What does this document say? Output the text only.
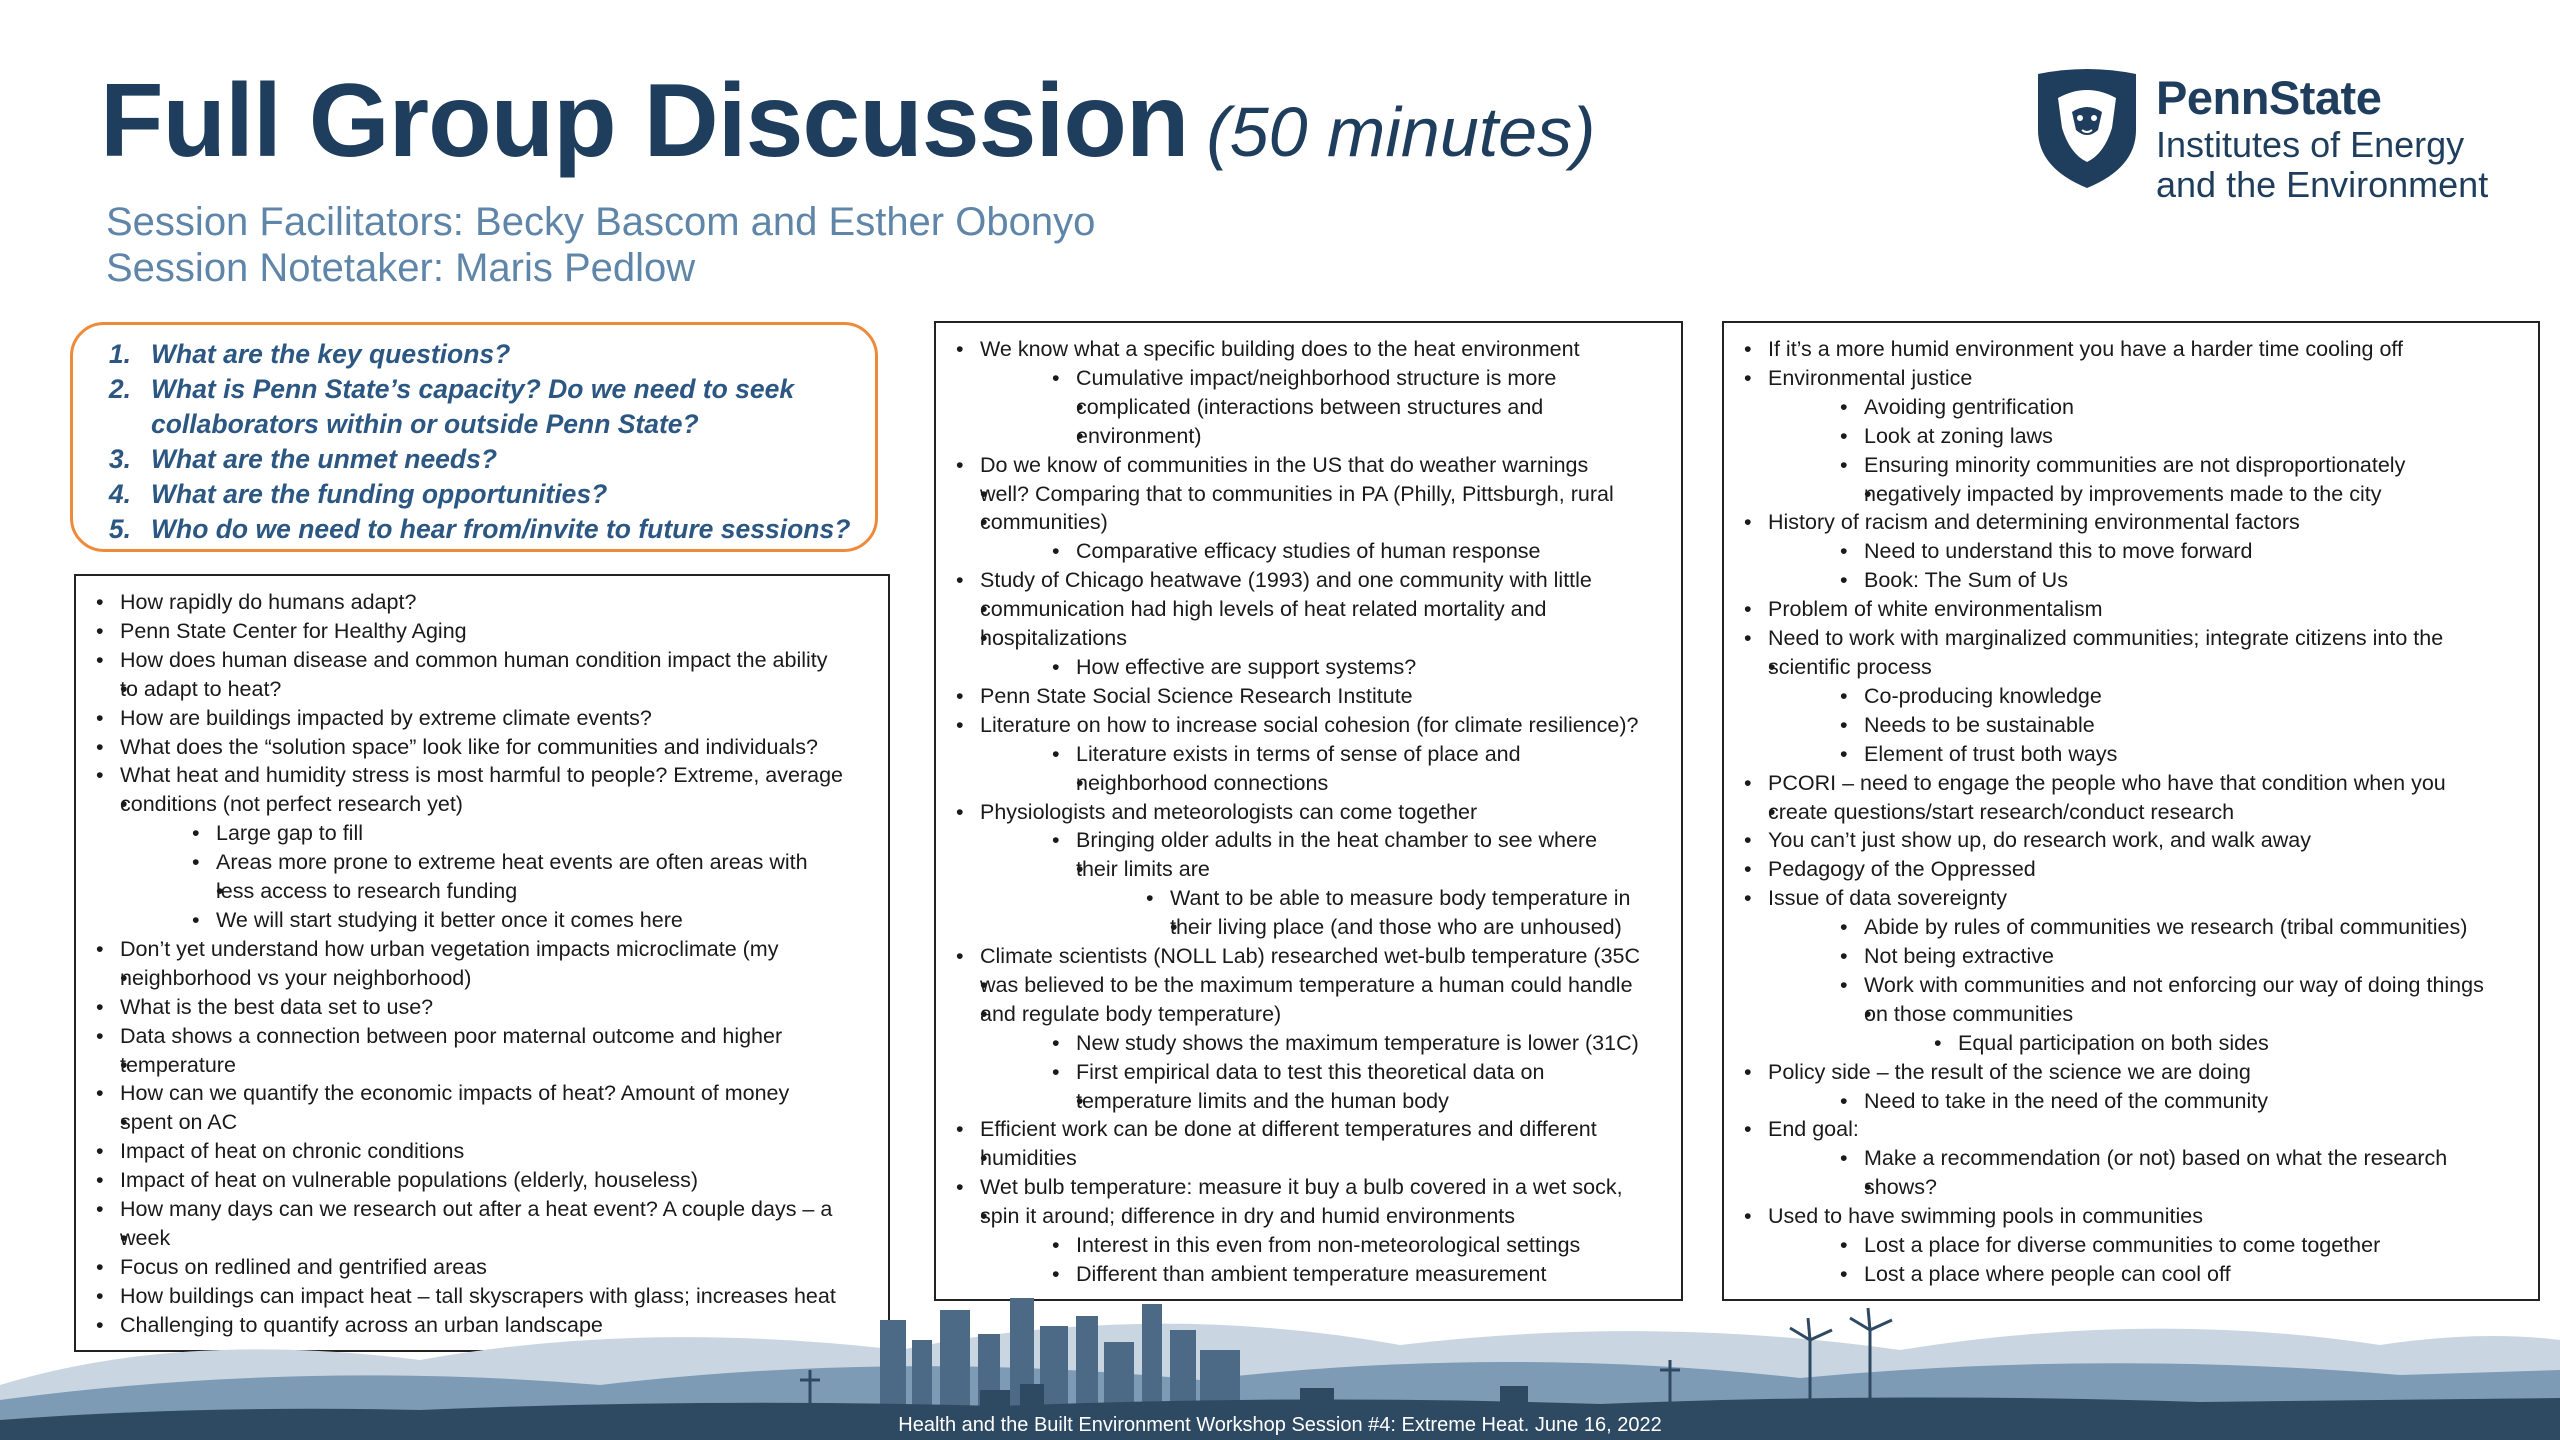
Full Group Discussion (50 minutes)
Session Facilitators: Becky Bascom and Esther Obonyo
Session Notetaker: Maris Pedlow
PennState
Institutes of Energy
and the Environment
1. What are the key questions?
2. What is Penn State’s capacity? Do we need to seek
collaborators within or outside Penn State?
3. What are the unmet needs?
4. What are the funding opportunities?
5. Who do we need to hear from/invite to future sessions?
• How rapidly do humans adapt?
• Penn State Center for Healthy Aging
• How does human disease and common human condition impact the ability
• to adapt to heat?
• How are buildings impacted by extreme climate events?
• What does the “solution space” look like for communities and individuals?
• What heat and humidity stress is most harmful to people? Extreme, average
• conditions (not perfect research yet)
• Large gap to fill
• Areas more prone to extreme heat events are often areas with
• less access to research funding
• We will start studying it better once it comes here
• Don’t yet understand how urban vegetation impacts microclimate (my
• neighborhood vs your neighborhood)
• What is the best data set to use?
• Data shows a connection between poor maternal outcome and higher
• temperature
• How can we quantify the economic impacts of heat? Amount of money
• spent on AC
• Impact of heat on chronic conditions
• Impact of heat on vulnerable populations (elderly, houseless)
• How many days can we research out after a heat event? A couple days – a
• week
• Focus on redlined and gentrified areas
• How buildings can impact heat – tall skyscrapers with glass; increases heat
• Challenging to quantify across an urban landscape
• We know what a specific building does to the heat environment
• Cumulative impact/neighborhood structure is more
• complicated (interactions between structures and
• environment)
• Do we know of communities in the US that do weather warnings
• well? Comparing that to communities in PA (Philly, Pittsburgh, rural
• communities)
• Comparative efficacy studies of human response
• Study of Chicago heatwave (1993) and one community with little
• communication had high levels of heat related mortality and
• hospitalizations
• How effective are support systems?
• Penn State Social Science Research Institute
• Literature on how to increase social cohesion (for climate resilience)?
• Literature exists in terms of sense of place and
• neighborhood connections
• Physiologists and meteorologists can come together
• Bringing older adults in the heat chamber to see where
• their limits are
• Want to be able to measure body temperature in
• their living place (and those who are unhoused)
• Climate scientists (NOLL Lab) researched wet-bulb temperature (35C
• was believed to be the maximum temperature a human could handle
• and regulate body temperature)
• New study shows the maximum temperature is lower (31C)
• First empirical data to test this theoretical data on
• temperature limits and the human body
• Efficient work can be done at different temperatures and different
• humidities
• Wet bulb temperature: measure it buy a bulb covered in a wet sock,
• spin it around; difference in dry and humid environments
• Interest in this even from non-meteorological settings
• Different than ambient temperature measurement
• If it’s a more humid environment you have a harder time cooling off
• Environmental justice
• Avoiding gentrification
• Look at zoning laws
• Ensuring minority communities are not disproportionately
• negatively impacted by improvements made to the city
• History of racism and determining environmental factors
• Need to understand this to move forward
• Book: The Sum of Us
• Problem of white environmentalism
• Need to work with marginalized communities; integrate citizens into the
• scientific process
• Co-producing knowledge
• Needs to be sustainable
• Element of trust both ways
• PCORI – need to engage the people who have that condition when you
• create questions/start research/conduct research
• You can’t just show up, do research work, and walk away
• Pedagogy of the Oppressed
• Issue of data sovereignty
• Abide by rules of communities we research (tribal communities)
• Not being extractive
• Work with communities and not enforcing our way of doing things
• on those communities
• Equal participation on both sides
• Policy side – the result of the science we are doing
• Need to take in the need of the community
• End goal:
• Make a recommendation (or not) based on what the research
• shows?
• Used to have swimming pools in communities
• Lost a place for diverse communities to come together
• Lost a place where people can cool off
Health and the Built Environment Workshop Session #4: Extreme Heat. June 16, 2022
